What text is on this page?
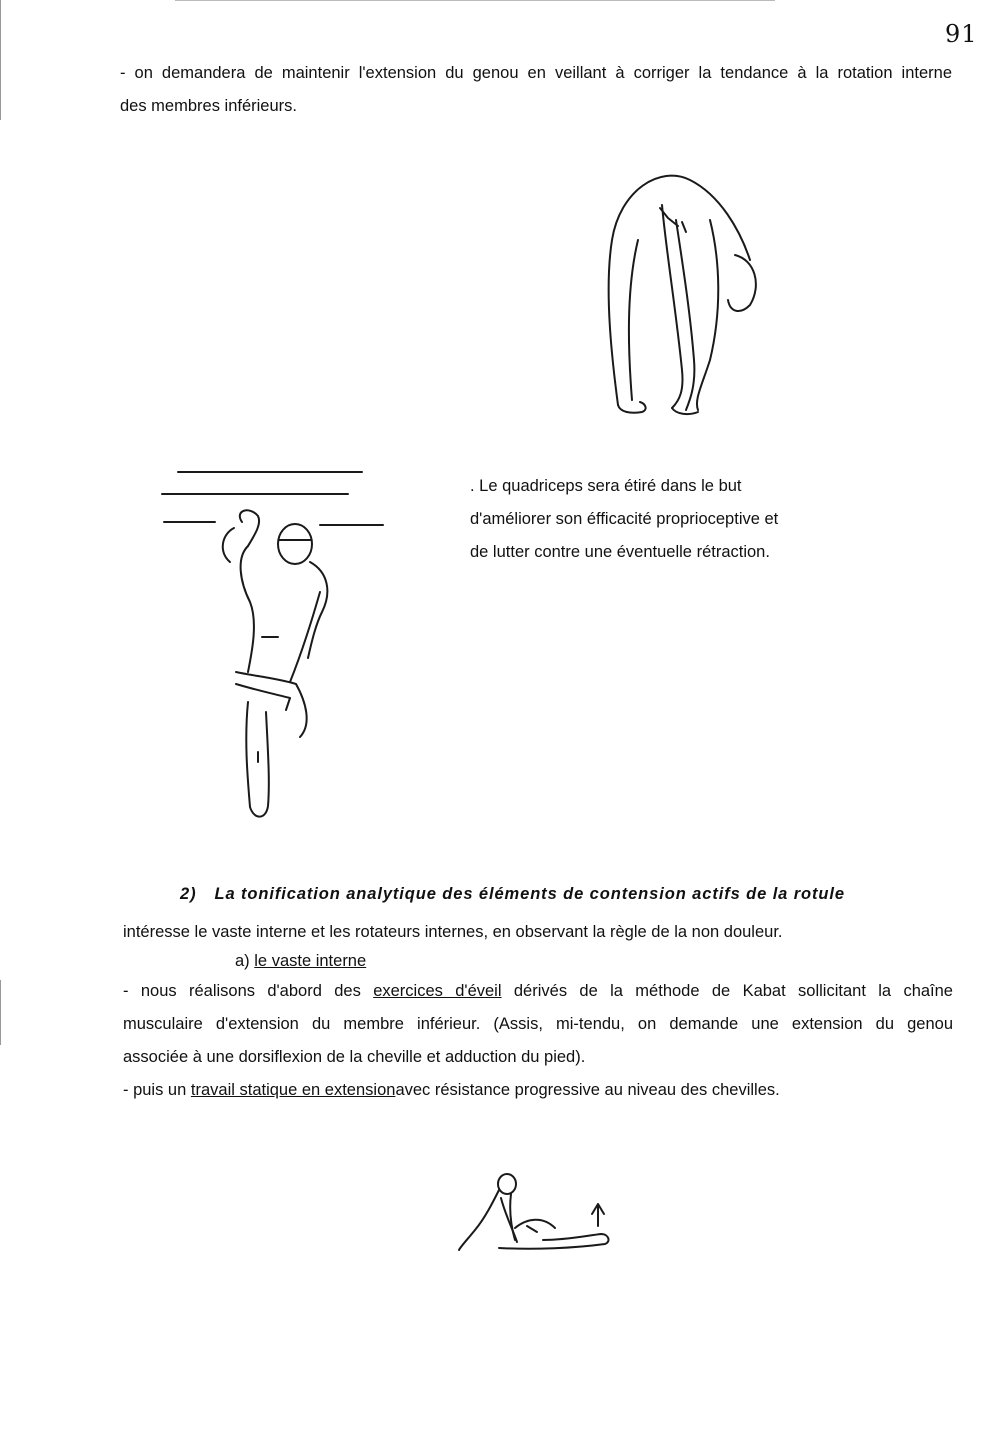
91
- on demandera de maintenir l'extension du genou en veillant à corriger la tendance à la rotation interne
des membres inférieurs.
. Le quadriceps sera étiré dans le but
d'améliorer son éfficacité proprioceptive et
de lutter contre une éventuelle rétraction.
2) La tonification analytique des éléments de contension actifs de la rotule
intéresse le vaste interne et les rotateurs internes, en observant la règle de la non douleur.
a) le vaste interne
- nous réalisons d'abord des exercices d'éveil dérivés de la méthode de Kabat sollicitant la chaîne
musculaire d'extension du membre inférieur. (Assis, mi-tendu, on demande une extension du genou
associée à une dorsiflexion de la cheville et adduction du pied).
- puis un travail statique en extensionavec résistance progressive au niveau des chevilles.
